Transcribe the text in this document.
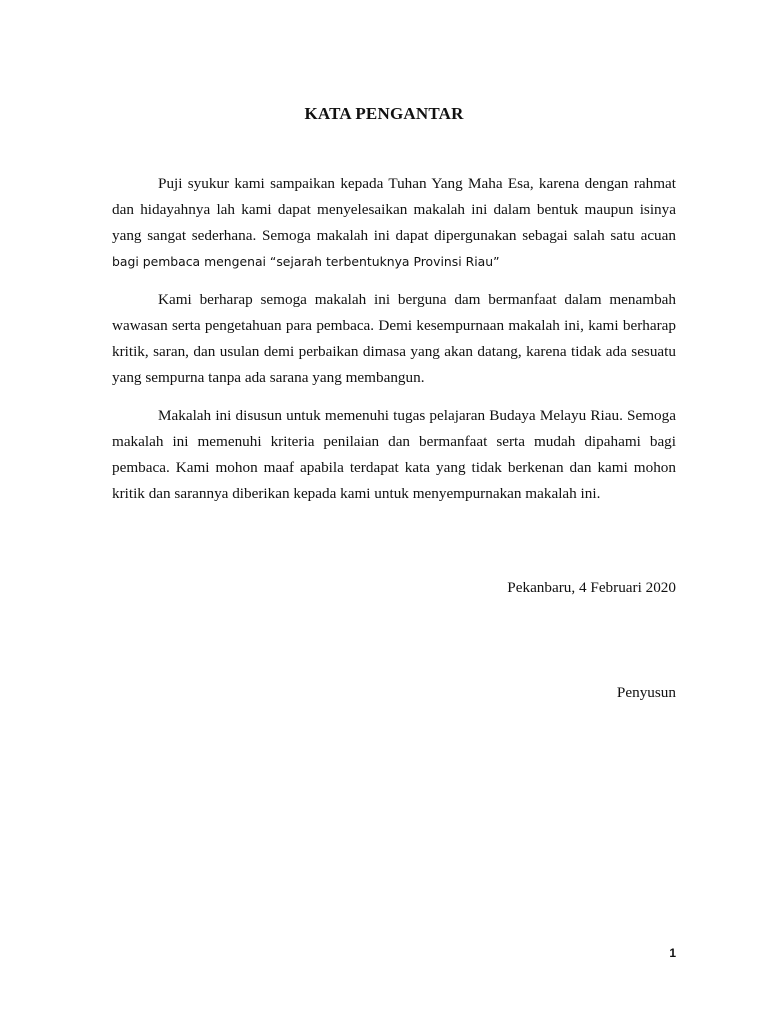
KATA PENGANTAR

Puji syukur kami sampaikan kepada Tuhan Yang Maha Esa, karena dengan rahmat dan hidayahnya lah kami dapat menyelesaikan makalah ini dalam bentuk maupun isinya yang sangat sederhana. Semoga makalah ini dapat dipergunakan sebagai salah satu acuan bagi pembaca mengenai “sejarah terbentuknya Provinsi Riau”

Kami berharap semoga makalah ini berguna dam bermanfaat dalam menambah wawasan serta pengetahuan para pembaca. Demi kesempurnaan makalah ini, kami berharap kritik, saran, dan usulan demi perbaikan dimasa yang akan datang, karena tidak ada sesuatu yang sempurna tanpa ada sarana yang membangun.

Makalah ini disusun untuk memenuhi tugas pelajaran Budaya Melayu Riau. Semoga makalah ini memenuhi kriteria penilaian dan bermanfaat serta mudah dipahami bagi pembaca. Kami mohon maaf apabila terdapat kata yang tidak berkenan dan kami mohon kritik dan sarannya diberikan kepada kami untuk menyempurnakan makalah ini.

Pekanbaru, 4 Februari 2020
Penyusun
1
